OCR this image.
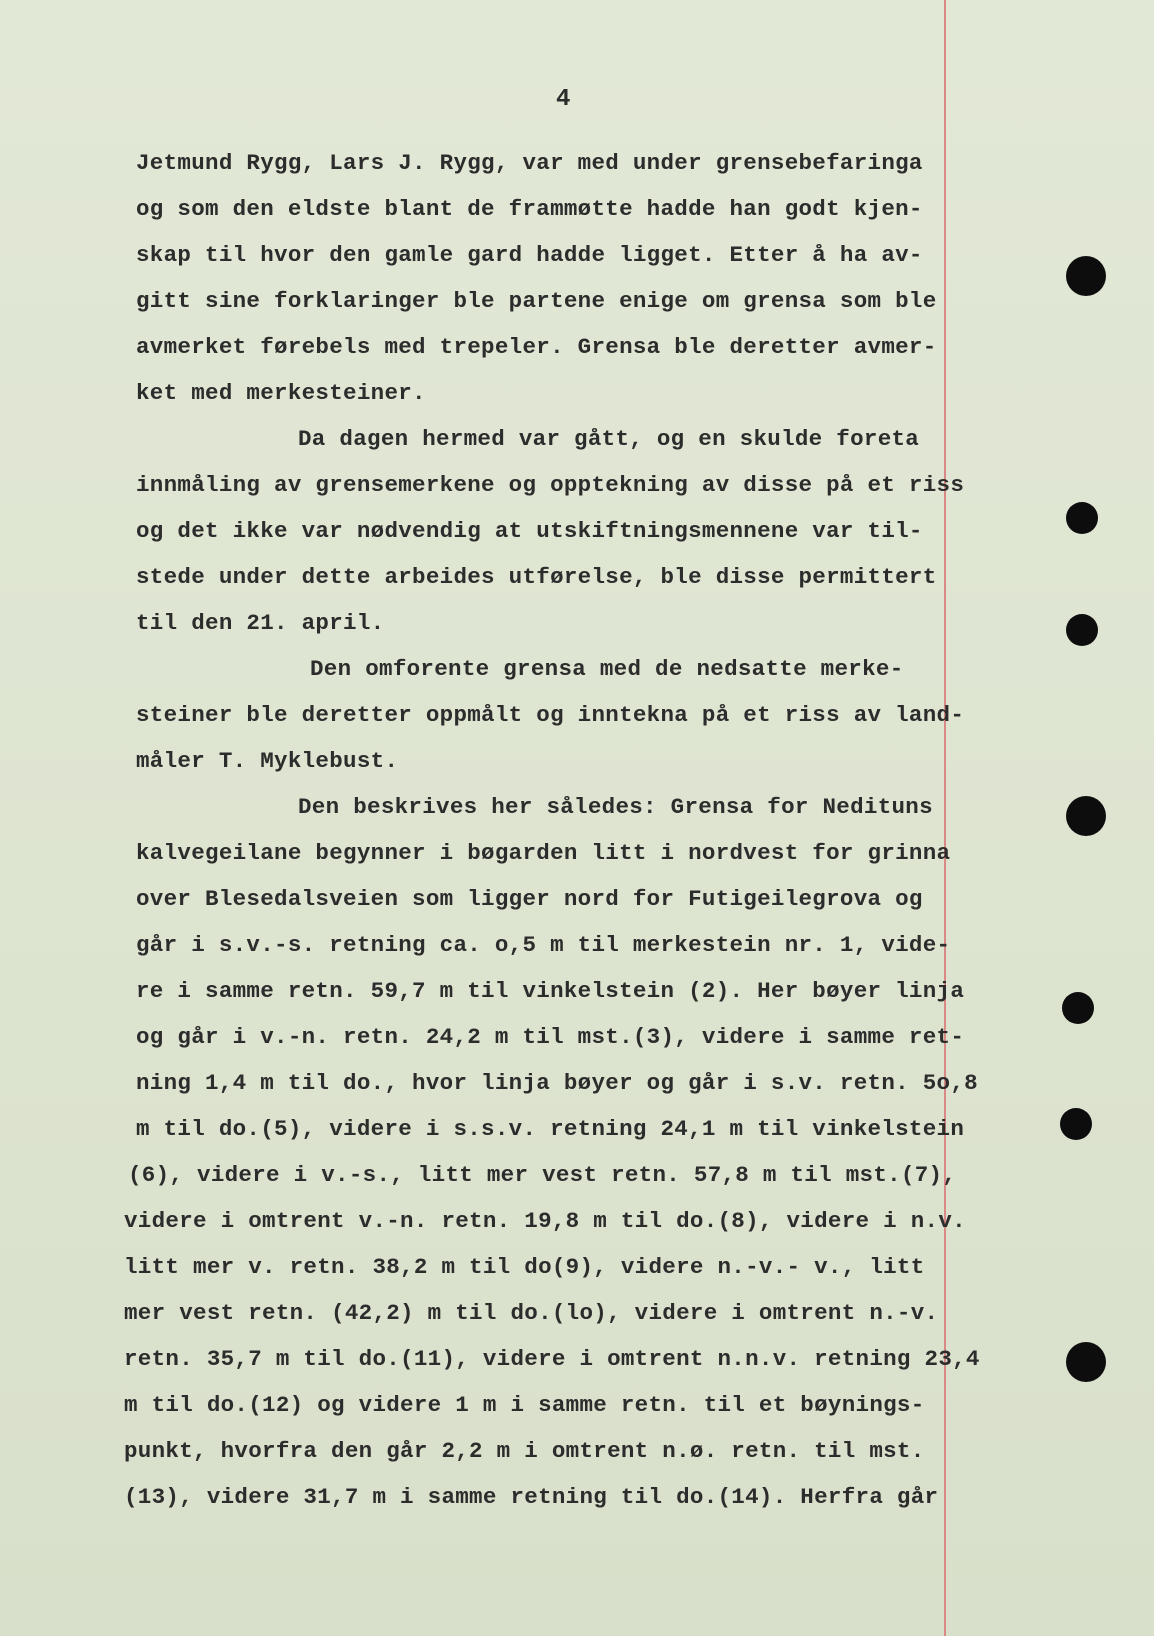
4
Jetmund Rygg, Lars J. Rygg, var med under grensebefaringa
og som den eldste blant de frammøtte hadde han godt kjen-
skap til hvor den gamle gard hadde ligget. Etter å ha av-
gitt sine forklaringer ble partene enige om grensa som ble
avmerket førebels med trepeler. Grensa ble deretter avmer-
ket med merkesteiner.
Da dagen hermed var gått, og en skulde foreta
innmåling av grensemerkene og opptekning av disse på et riss
og det ikke var nødvendig at utskiftningsmennene var til-
stede under dette arbeides utførelse, ble disse permittert
til den 21. april.
Den omforente grensa med de nedsatte merke-
steiner ble deretter oppmålt og inntekna på et riss av land-
måler T. Myklebust.
Den beskrives her således: Grensa for Nedituns
kalvegeilane begynner i bøgarden litt i nordvest for grinna
over Blesedalsveien som ligger nord for Futigeilegrova og
går i s.v.-s. retning ca. o,5 m til merkestein nr. 1, vide-
re i samme retn. 59,7 m til vinkelstein (2). Her bøyer linja
og går i v.-n. retn. 24,2 m til mst.(3), videre i samme ret-
ning 1,4 m til do., hvor linja bøyer og går i s.v. retn. 5o,8
m til do.(5), videre i s.s.v. retning 24,1 m til vinkelstein
(6), videre i v.-s., litt mer vest retn. 57,8 m til mst.(7),
videre i omtrent v.-n. retn. 19,8 m til do.(8), videre i n.v.
litt mer v. retn. 38,2 m til do(9), videre n.-v.- v., litt
mer vest retn. (42,2) m til do.(lo), videre i omtrent n.-v.
retn. 35,7 m til do.(11), videre i omtrent n.n.v. retning 23,4
m til do.(12) og videre 1 m i samme retn. til et bøynings-
punkt, hvorfra den går 2,2 m i omtrent n.ø. retn. til mst.
(13), videre 31,7 m i samme retning til do.(14). Herfra går
